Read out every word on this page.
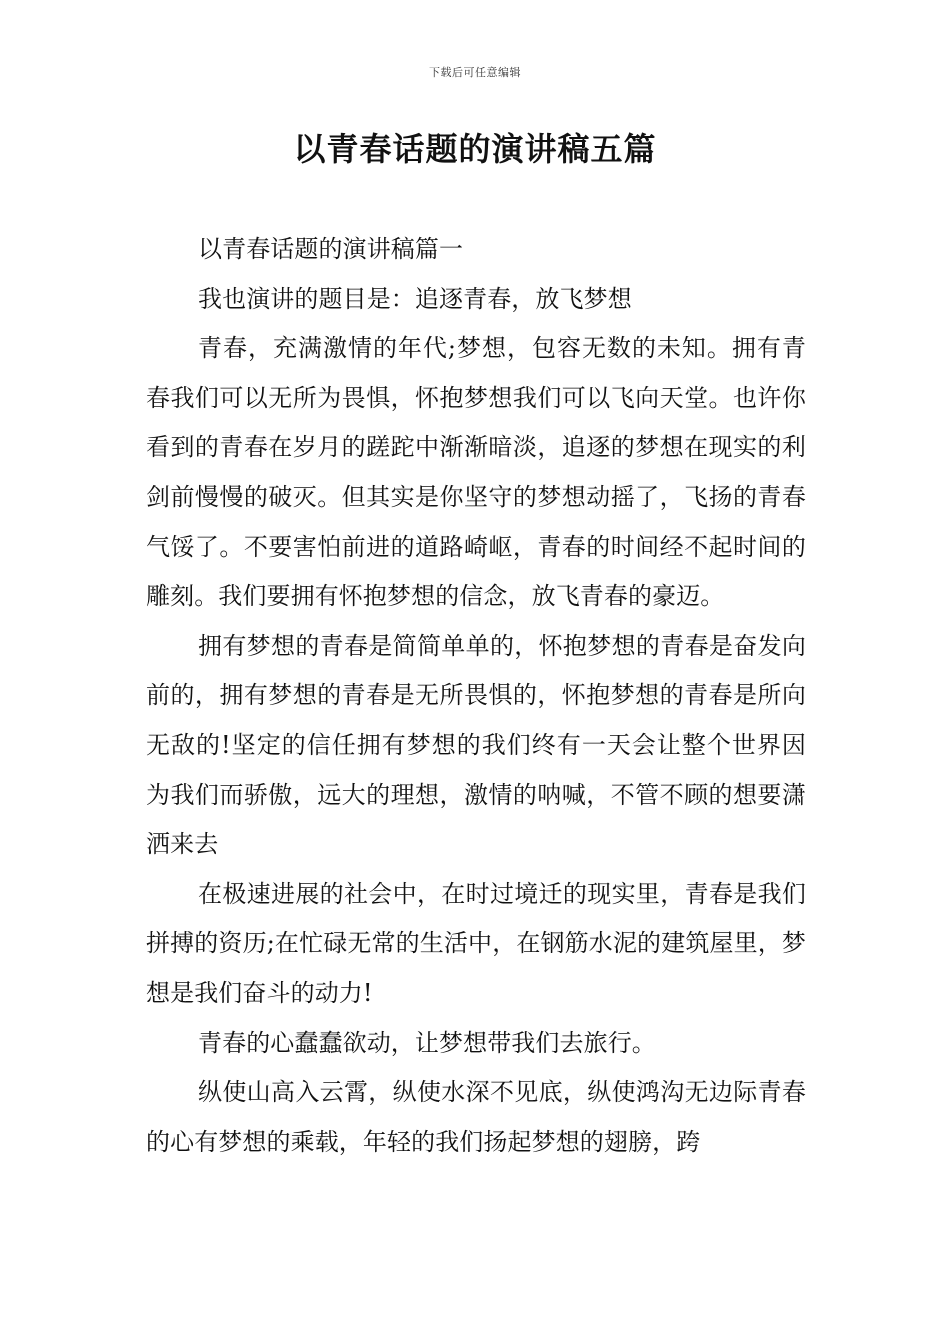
下载后可任意编辑
以青春话题的演讲稿五篇

以青春话题的演讲稿篇一

我也演讲的题目是：追逐青春，放飞梦想

青春，充满激情的年代;梦想，包容无数的未知。拥有青春我们可以无所为畏惧，怀抱梦想我们可以飞向天堂。也许你看到的青春在岁月的蹉跎中渐渐暗淡，追逐的梦想在现实的利剑前慢慢的破灭。但其实是你坚守的梦想动摇了，飞扬的青春气馁了。不要害怕前进的道路崎岖，青春的时间经不起时间的雕刻。我们要拥有怀抱梦想的信念，放飞青春的豪迈。

拥有梦想的青春是简简单单的，怀抱梦想的青春是奋发向前的，拥有梦想的青春是无所畏惧的，怀抱梦想的青春是所向无敌的!坚定的信任拥有梦想的我们终有一天会让整个世界因为我们而骄傲，远大的理想，激情的呐喊，不管不顾的想要潇洒来去

在极速进展的社会中，在时过境迁的现实里，青春是我们拼搏的资历;在忙碌无常的生活中，在钢筋水泥的建筑屋里，梦想是我们奋斗的动力!

青春的心蠢蠢欲动，让梦想带我们去旅行。

纵使山高入云霄，纵使水深不见底，纵使鸿沟无边际青春的心有梦想的乘载，年轻的我们扬起梦想的翅膀，跨
